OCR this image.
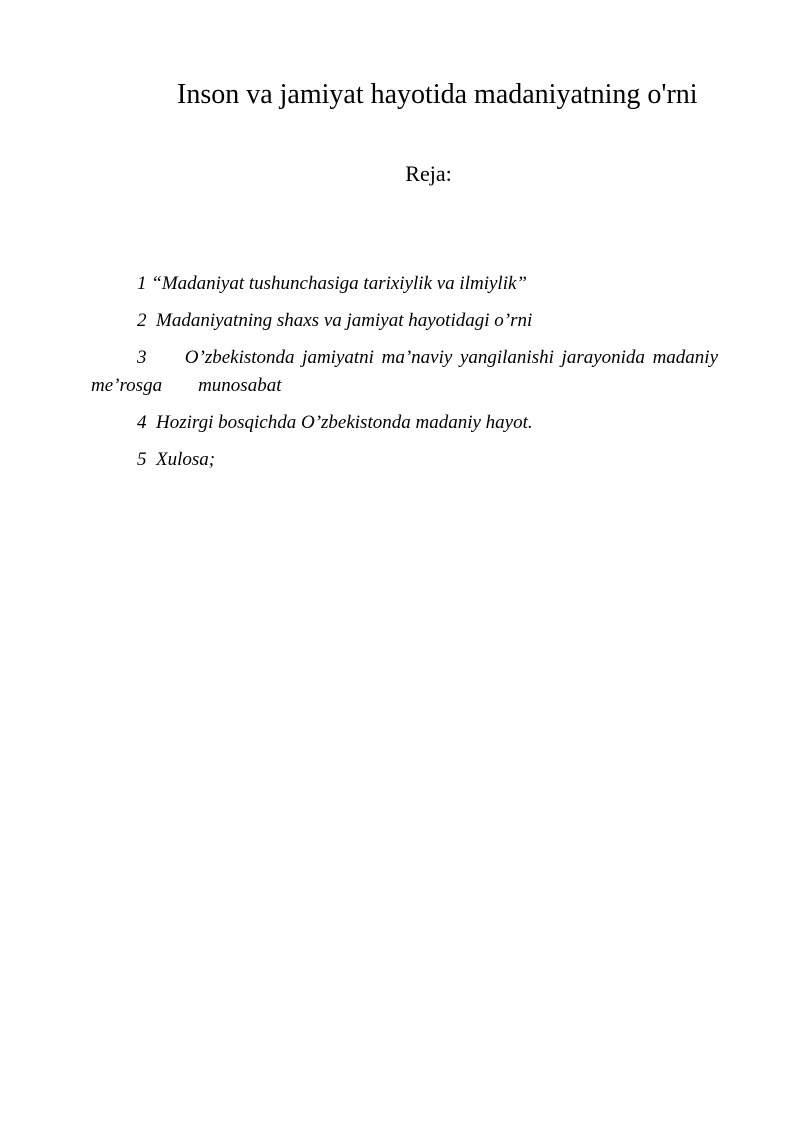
Inson va jamiyat hayotida madaniyatning o'rni
Reja:
1 “Madaniyat tushunchasiga tarixiylik va ilmiylik”
2 Madaniyatning shaxs va jamiyat hayotidagi o’rni
3 O’zbekistonda jamiyatni ma’naviy yangilanishi jarayonida madaniy me’rosga munosabat
4 Hozirgi bosqichda O’zbekistonda madaniy hayot.
5 Xulosa;
